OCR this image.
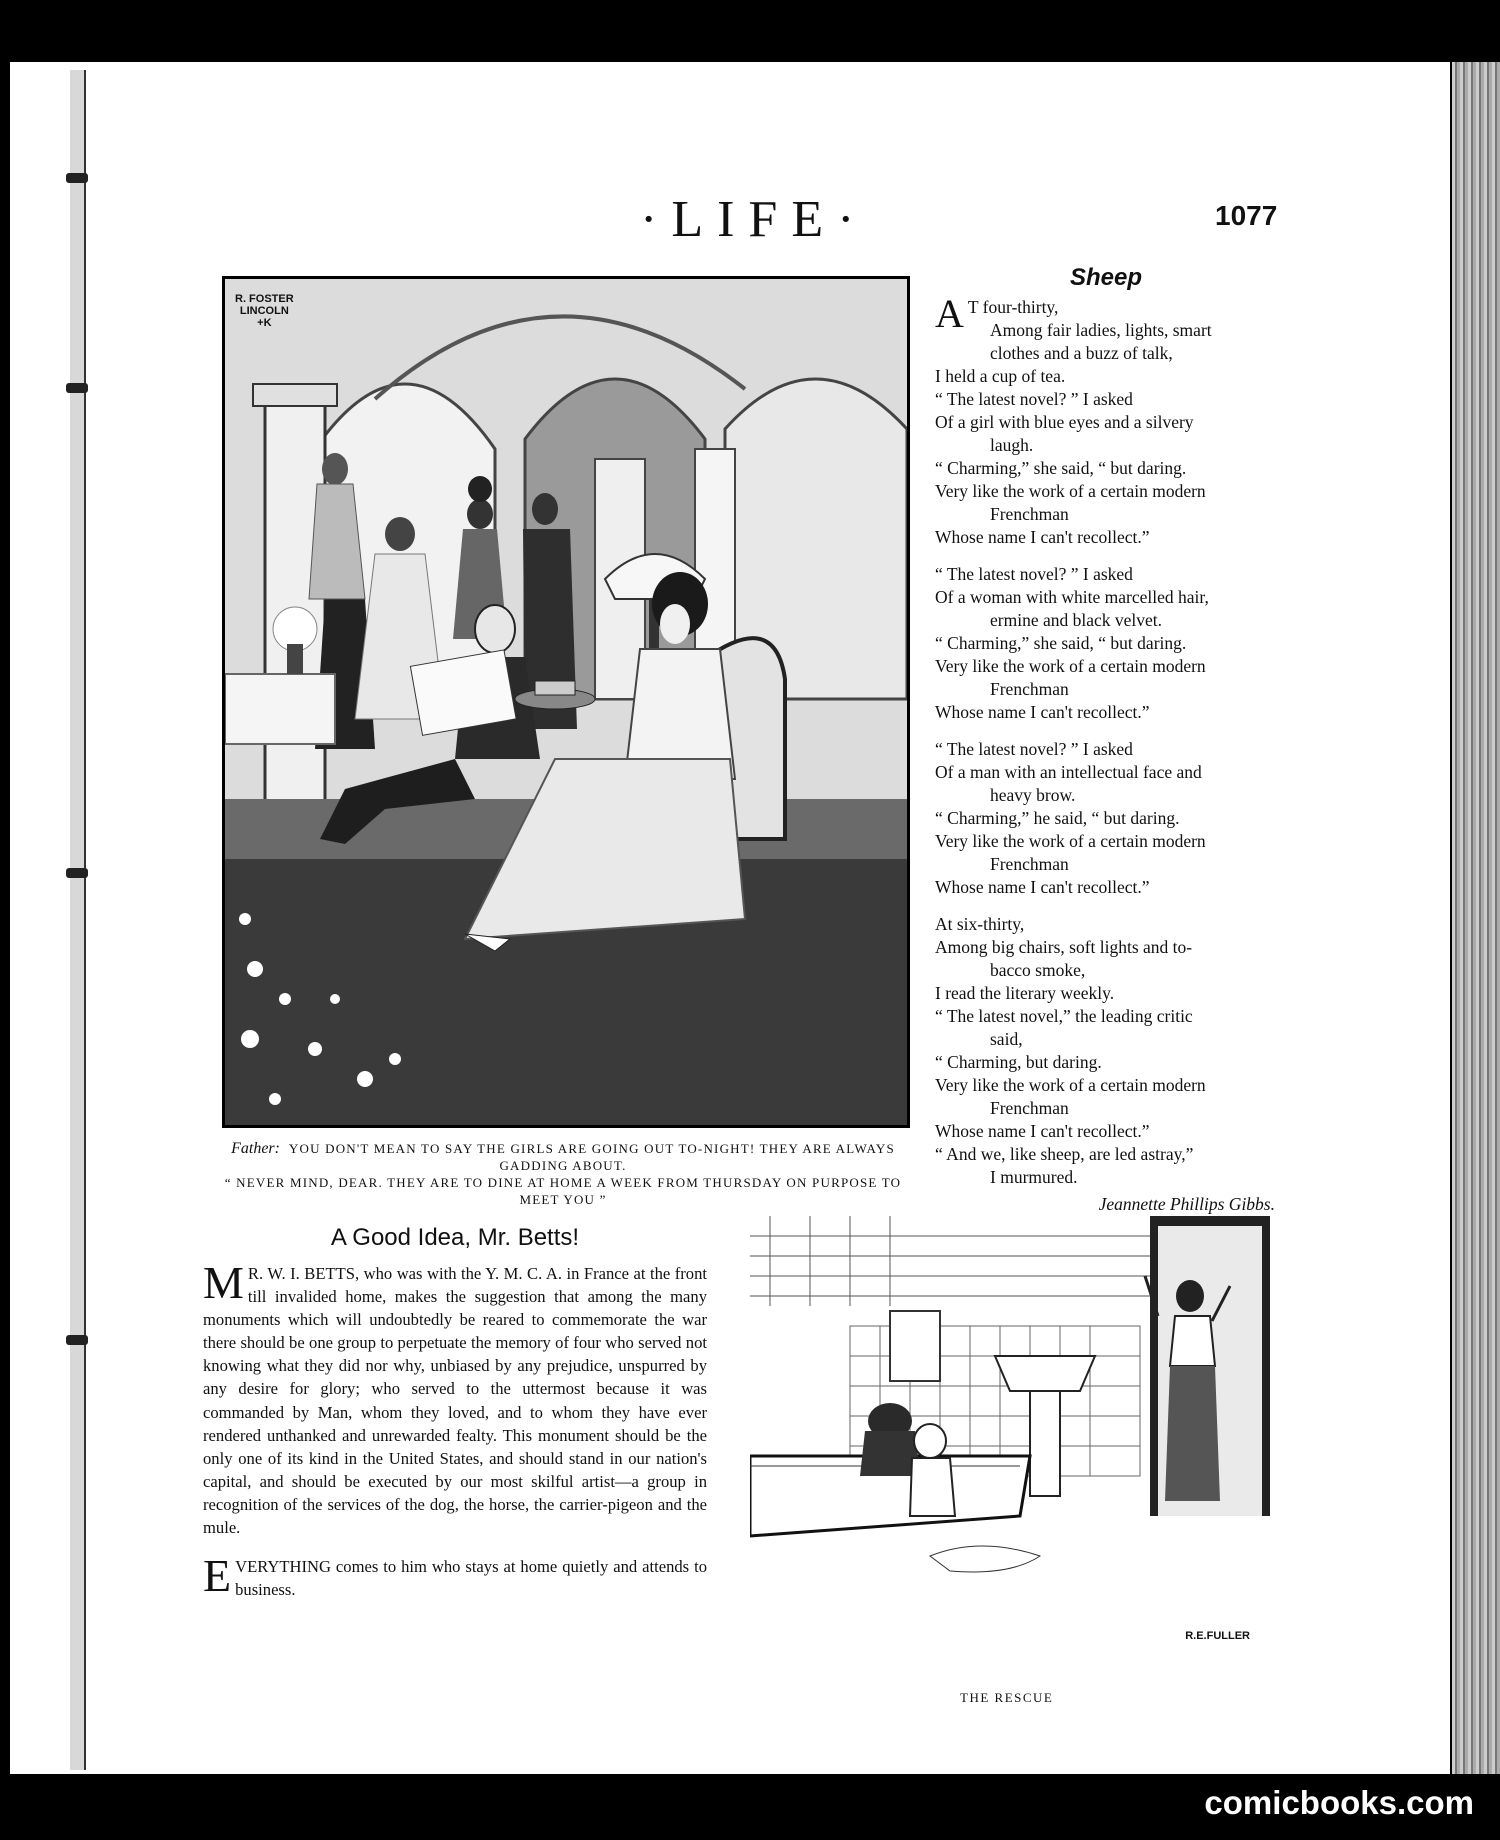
·LIFE·	1077
R. FOSTER
LINCOLN
+K
Father: YOU DON'T MEAN TO SAY THE GIRLS ARE GOING OUT TO-NIGHT! THEY ARE ALWAYS GADDING ABOUT.
“ NEVER MIND, DEAR. THEY ARE TO DINE AT HOME A WEEK FROM THURSDAY ON PURPOSE TO MEET YOU ”
Sheep
A T four-thirty,

Among fair ladies, lights, smart

clothes and a buzz of talk,

I held a cup of tea.

“ The latest novel? ” I asked

Of a girl with blue eyes and a silvery

laugh.

“ Charming,” she said, “ but daring.

Very like the work of a certain modern

Frenchman

Whose name I can't recollect.”

“ The latest novel? ” I asked

Of a woman with white marcelled hair,

ermine and black velvet.

“ Charming,” she said, “ but daring.

Very like the work of a certain modern

Frenchman

Whose name I can't recollect.”

“ The latest novel? ” I asked

Of a man with an intellectual face and

heavy brow.

“ Charming,” he said, “ but daring.

Very like the work of a certain modern

Frenchman

Whose name I can't recollect.”

At six-thirty,

Among big chairs, soft lights and to-

bacco smoke,

I read the literary weekly.

“ The latest novel,” the leading critic

said,

“ Charming, but daring.

Very like the work of a certain modern

Frenchman

Whose name I can't recollect.”

“ And we, like sheep, are led astray,”

I murmured.

Jeannette Phillips Gibbs.

A Good Idea, Mr. Betts!

M R. W. I. BETTS, who was with the Y. M. C. A. in France at the front till invalided home, makes the suggestion that among the many monuments which will undoubtedly be reared to commemorate the war there should be one group to perpetuate the memory of four who served not knowing what they did nor why, unbiased by any prejudice, unspurred by any desire for glory; who served to the uttermost because it was commanded by Man, whom they loved, and to whom they have ever rendered unthanked and unrewarded fealty. This monument should be the only one of its kind in the United States, and should stand in our nation's capital, and should be executed by our most skilful artist—a group in recognition of the services of the dog, the horse, the carrier-pigeon and the mule.

EVERYTHING comes to him who stays at home quietly and attends to business.

R.E.FULLER
THE RESCUE
comicbooks.com
